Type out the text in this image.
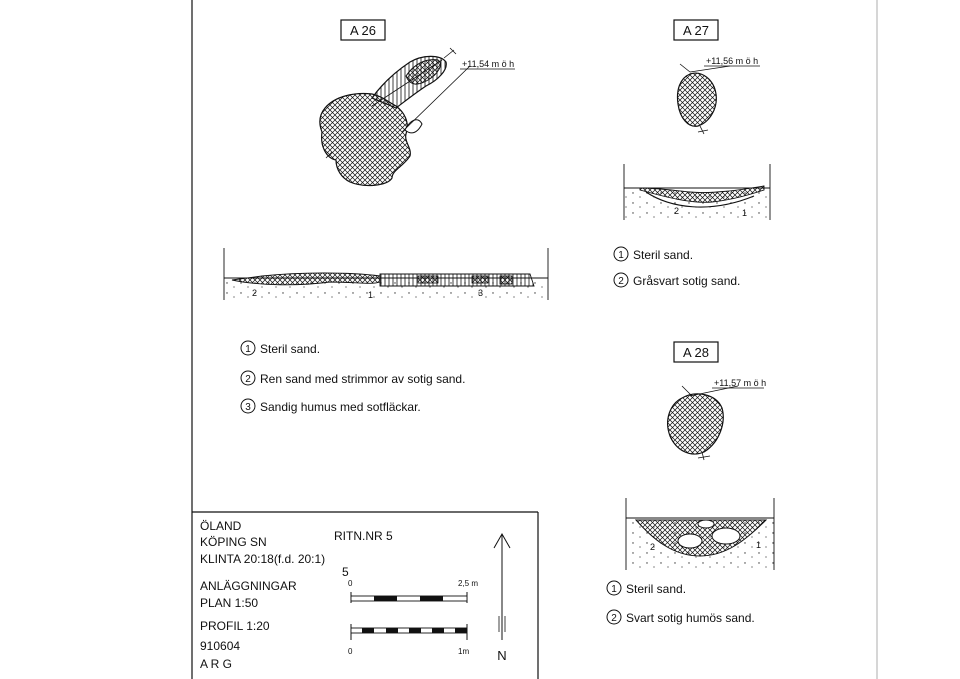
A 26
+11,54 m ö h
2	1	3
1 Steril sand.
2 Ren sand med strimmor av sotig sand.
3 Sandig humus med sotfläckar.
A 27
+11,56 m ö h
2	1
1 Steril sand.
2 Gråsvart sotig sand.
A 28
+11,57 m ö h
2	1
1 Steril sand.
2 Svart sotig humös sand.
ÖLAND
RITN.NR 5
KÖPING SN
KLINTA 20:18(f.d. 20:1)
5
ANLÄGGNINGAR
PLAN 1:50
PROFIL 1:20
910604
A R G
0	2,5 m
0	1m N
